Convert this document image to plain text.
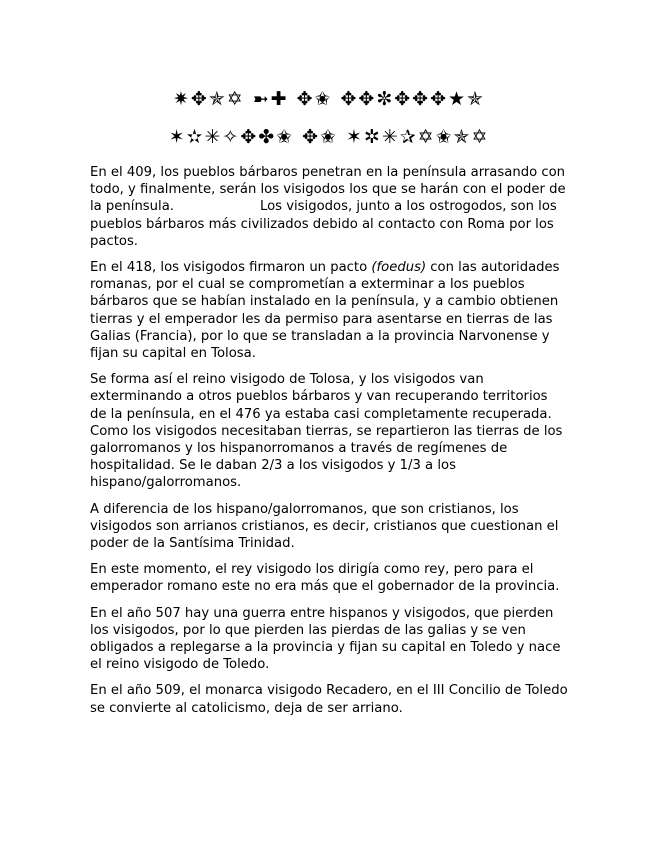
✷✥✯✡ ➼✚ ✥✬ ✥✥✼✥✥✥★✯
✶✫✳✧✥✤✬ ✥✬ ✶✲✳✰✡✬✯✡

En el 409, los pueblos bárbaros penetran en la península arrasando con todo, y finalmente, serán los visigodos los que se harán con el poder de la península.	Los visigodos, junto a los ostrogodos, son los pueblos bárbaros más civilizados debido al contacto con Roma por los pactos.

En el 418, los visigodos firmaron un pacto (foedus) con las autoridades romanas, por el cual se comprometían a exterminar a los pueblos bárbaros que se habían instalado en la península, y a cambio obtienen tierras y el emperador les da permiso para asentarse en tierras de las Galias (Francia), por lo que se transladan a la provincia Narvonense y fijan su capital en Tolosa.

Se forma así el reino visigodo de Tolosa, y los visigodos van exterminando a otros pueblos bárbaros y van recuperando territorios de la península, en el 476 ya estaba casi completamente recuperada. Como los visigodos necesitaban tierras, se repartieron las tierras de los galorromanos y los hispanorromanos a través de regímenes de hospitalidad. Se le daban 2/3 a los visigodos y 1/3 a los hispano/galorromanos.

A diferencia de los hispano/galorromanos, que son cristianos, los visigodos son arrianos cristianos, es decir, cristianos que cuestionan el poder de la Santísima Trinidad.

En este momento, el rey visigodo los dirigía como rey, pero para el emperador romano este no era más que el gobernador de la provincia.

En el año 507 hay una guerra entre hispanos y visigodos, que pierden los visigodos, por lo que pierden las pierdas de las galias y se ven obligados a replegarse a la provincia y fijan su capital en Toledo y nace el reino visigodo de Toledo.

En el año 509, el monarca visigodo Recadero, en el III Concilio de Toledo se convierte al catolicismo, deja de ser arriano.
